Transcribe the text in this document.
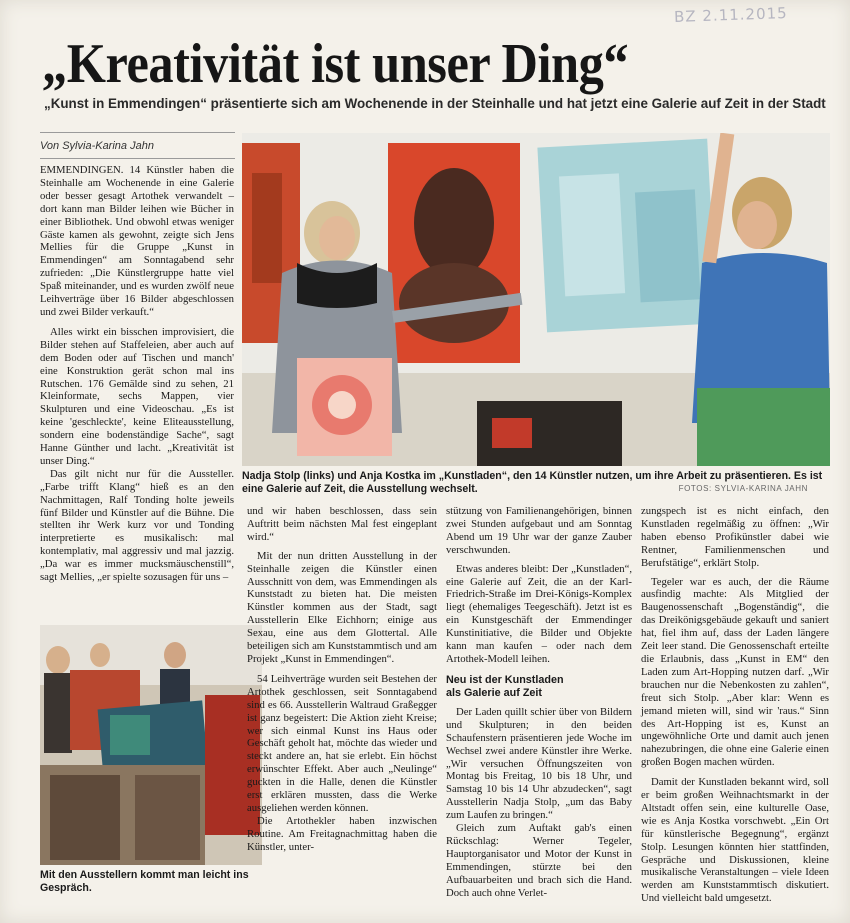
BZ 2.11.2015
„Kreativität ist unser Ding“
„Kunst in Emmendingen“ präsentierte sich am Wochenende in der Steinhalle und hat jetzt eine Galerie auf Zeit in der Stadt
Von Sylvia-Karina Jahn

EMMENDINGEN. 14 Künstler haben die Steinhalle am Wochenende in eine Galerie oder besser gesagt Artothek verwandelt – dort kann man Bilder leihen wie Bücher in einer Bibliothek. Und obwohl etwas weniger Gäste kamen als gewohnt, zeigte sich Jens Mellies für die Gruppe „Kunst in Emmendingen“ am Sonntagabend sehr zufrieden: „Die Künstlergruppe hatte viel Spaß miteinander, und es wurden zwölf neue Leihverträge über 16 Bilder abgeschlossen und zwei Bilder verkauft.“

Alles wirkt ein bisschen improvisiert, die Bilder stehen auf Staffeleien, aber auch auf dem Boden oder auf Tischen und manch' eine Konstruktion gerät schon mal ins Rutschen. 176 Gemälde sind zu sehen, 21 Kleinformate, sechs Mappen, vier Skulpturen und eine Videoschau. „Es ist keine 'geschleckte', keine Eliteausstellung, sondern eine bodenständige Sache“, sagt Hanne Günther und lacht. „Kreativität ist unser Ding.“

Das gilt nicht nur für die Aussteller. „Farbe trifft Klang“ hieß es an den Nachmittagen, Ralf Tonding holte jeweils fünf Bilder und Künstler auf die Bühne. Die stellten ihr Werk kurz vor und Tonding interpretierte es musikalisch: mal kontemplativ, mal aggressiv und mal jazzig. „Da war es immer mucksmäuschenstill“, sagt Mellies, „er spielte sozusagen für uns –

Nadja Stolp (links) und Anja Kostka im „Kunstladen“, den 14 Künstler nutzen, um ihre Arbeit zu präsentieren. Es ist eine Galerie auf Zeit, die Ausstellung wechselt.	FOTOS: SYLVIA-KARINA JAHN
Mit den Ausstellern kommt man leicht ins Gespräch.

und wir haben beschlossen, dass sein Auftritt beim nächsten Mal fest eingeplant wird.“

Mit der nun dritten Ausstellung in der Steinhalle zeigen die Künstler einen Ausschnitt von dem, was Emmendingen als Kunststadt zu bieten hat. Die meisten Künstler kommen aus der Stadt, sagt Ausstellerin Elke Eichhorn; einige aus Sexau, eine aus dem Glottertal. Alle beteiligen sich am Kunststammtisch und am Projekt „Kunst in Emmendingen“.

54 Leihverträge wurden seit Bestehen der Artothek geschlossen, seit Sonntagabend sind es 66. Ausstellerin Waltraud Graßegger ist ganz begeistert: Die Aktion zieht Kreise; wer sich einmal Kunst ins Haus oder Geschäft geholt hat, möchte das wieder und steckt andere an, hat sie erlebt. Ein höchst erwünschter Effekt. Aber auch „Neulinge“ guckten in die Halle, denen die Künstler erst erklären mussten, dass die Werke ausgeliehen werden können.

Die Artothekler haben inzwischen Routine. Am Freitagnachmittag haben die Künstler, unter-

stützung von Familienangehörigen, binnen zwei Stunden aufgebaut und am Sonntag Abend um 19 Uhr war der ganze Zauber verschwunden.

Etwas anderes bleibt: Der „Kunstladen“, eine Galerie auf Zeit, die an der Karl-Friedrich-Straße im Drei-Königs-Komplex liegt (ehemaliges Teegeschäft). Jetzt ist es ein Kunstgeschäft der Emmendinger Kunstinitiative, die Bilder und Objekte kann man kaufen – oder nach dem Artothek-Modell leihen.

Neu ist der Kunstladen
als Galerie auf Zeit

Der Laden quillt schier über von Bildern und Skulpturen; in den beiden Schaufenstern präsentieren jede Woche im Wechsel zwei andere Künstler ihre Werke. „Wir versuchen Öffnungszeiten von Montag bis Freitag, 10 bis 18 Uhr, und Samstag 10 bis 14 Uhr abzudecken“, sagt Ausstellerin Nadja Stolp, „um das Baby zum Laufen zu bringen.“

Gleich zum Auftakt gab's einen Rückschlag: Werner Tegeler, Hauptorganisator und Motor der Kunst in Emmendingen, stürzte bei den Aufbauarbeiten und brach sich die Hand. Doch auch ohne Verlet-

zungspech ist es nicht einfach, den Kunstladen regelmäßig zu öffnen: „Wir haben ebenso Profikünstler dabei wie Rentner, Familienmenschen und Berufstätige“, erklärt Stolp.

Tegeler war es auch, der die Räume ausfindig machte: Als Mitglied der Baugenossenschaft „Bogenständig“, die das Dreikönigsgebäude gekauft und saniert hat, fiel ihm auf, dass der Laden längere Zeit leer stand. Die Genossenschaft erteilte die Erlaubnis, dass „Kunst in EM“ den Laden zum Art-Hopping nutzen darf. „Wir brauchen nur die Nebenkosten zu zahlen“, freut sich Stolp. „Aber klar: Wenn es jemand mieten will, sind wir 'raus.“ Sinn des Art-Hopping ist es, Kunst an ungewöhnliche Orte und damit auch jenen nahezubringen, die ohne eine Galerie einen großen Bogen machen würden.

Damit der Kunstladen bekannt wird, soll er beim großen Weihnachtsmarkt in der Altstadt offen sein, eine kulturelle Oase, wie es Anja Kostka vorschwebt. „Ein Ort für künstlerische Begegnung“, ergänzt Stolp. Lesungen könnten hier stattfinden, Gespräche und Diskussionen, kleine musikalische Veranstaltungen – viele Ideen werden am Kunststammtisch diskutiert. Und vielleicht bald umgesetzt.
